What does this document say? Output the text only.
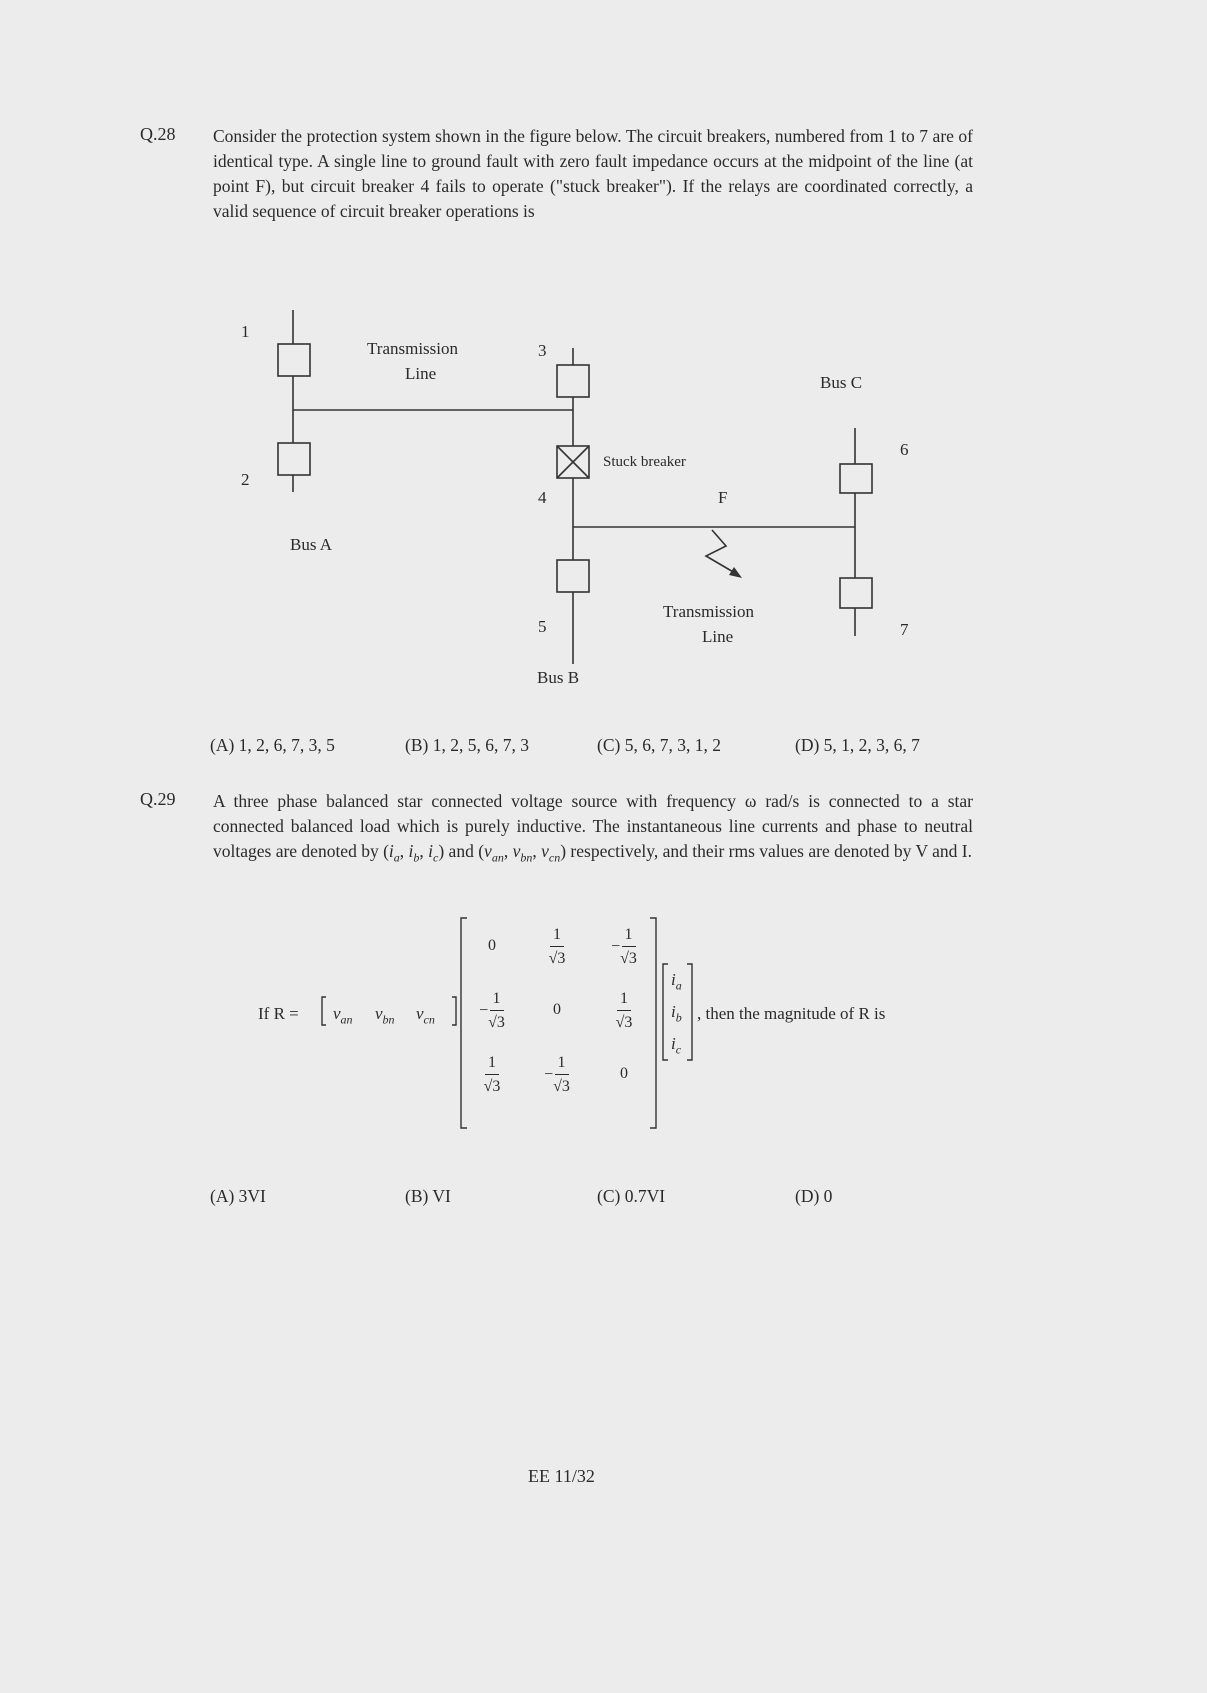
Q.28 Consider the protection system shown in the figure below. The circuit breakers, numbered from 1 to 7 are of identical type. A single line to ground fault with zero fault impedance occurs at the midpoint of the line (at point F), but circuit breaker 4 fails to operate ("stuck breaker"). If the relays are coordinated correctly, a valid sequence of circuit breaker operations is
1
2
3
4
5
6
7
Transmission
Line	Bus C
Stuck breaker
F
Bus A
Transmission
Line
Bus B
(A) 1, 2, 6, 7, 3, 5	(B) 1, 2, 5, 6, 7, 3	(C) 5, 6, 7, 3, 1, 2	(D) 5, 1, 2, 3, 6, 7
Q.29 A three phase balanced star connected voltage source with frequency ω rad/s is connected to a star connected balanced load which is purely inductive. The instantaneous line currents and phase to neutral voltages are denoted by ($i_a$, $i_b$, $i_c$) and ($v_{an}$, $v_{bn}$, $v_{cn}$) respectively, and their rms values are denoted by V and I.
If $R = v_{an}$ $v_{bn}$ $v_{cn}$
0	$\frac{1}{√3}$	− $\frac{1}{√3}$
− $\frac{1}{√3}$	0	$\frac{1}{√3}$
$\frac{1}{√3}$	− $\frac{1}{√3}$	0
$i_a$
$i_b$
$i_c$
, then the magnitude of R is
(A) 3VI	(B) VI	(C) 0.7VI	(D) 0
EE 11/32
